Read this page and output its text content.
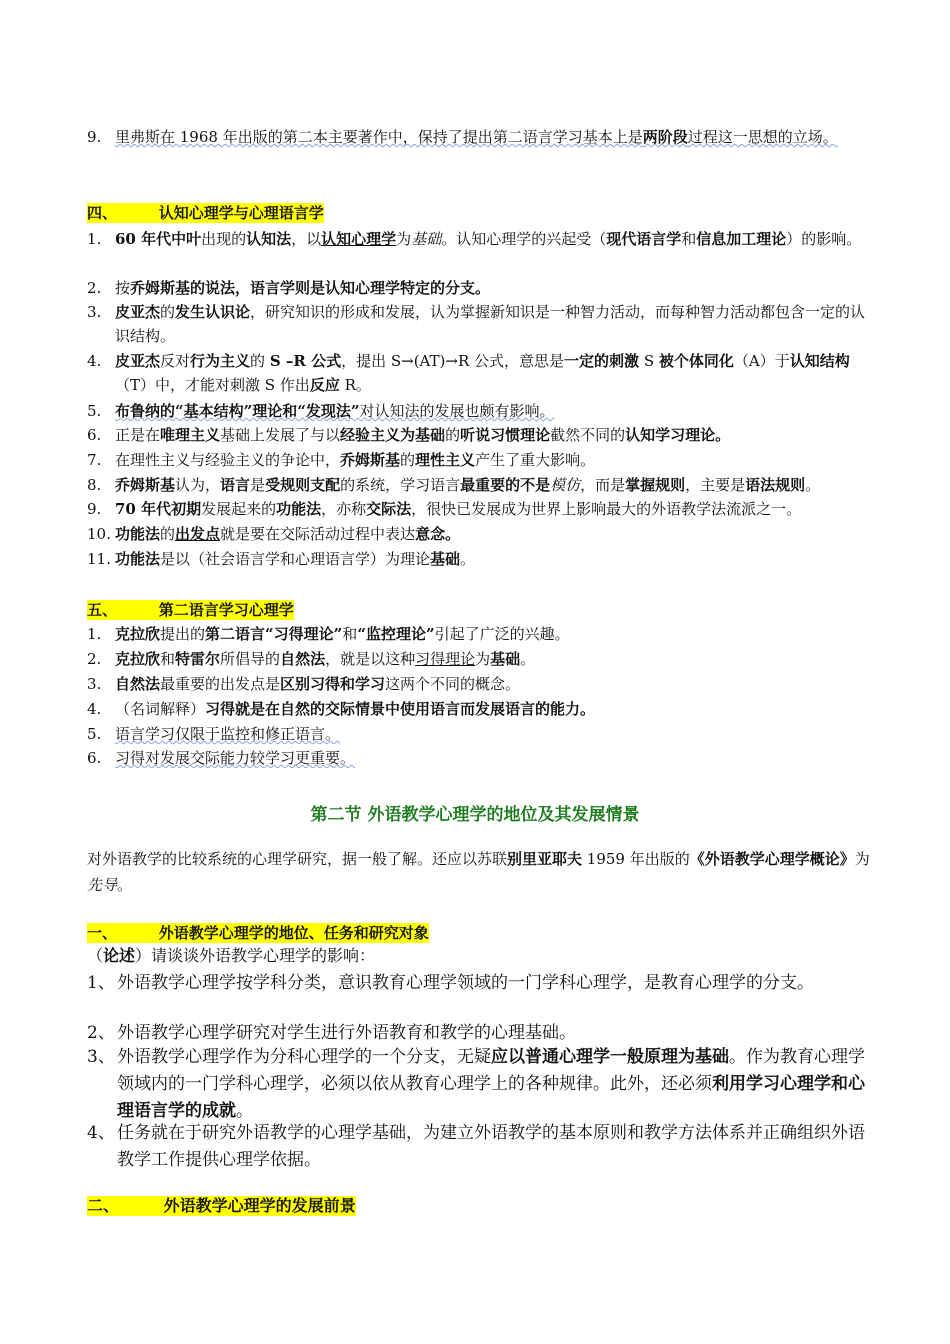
9. 里弗斯在 1968 年出版的第二本主要著作中，保持了提出第二语言学习基本上是两阶段过程这一思想的立场。
四、        认知心理学与心理语言学
1. 60 年代中叶出现的认知法，以认知心理学为基础。认知心理学的兴起受（现代语言学和信息加工理论）的影响。
2. 按乔姆斯基的说法，语言学则是认知心理学特定的分支。
3. 皮亚杰的发生认识论，研究知识的形成和发展，认为掌握新知识是一种智力活动，而每种智力活动都包含一定的认识结构。
4. 皮亚杰反对行为主义的 S –R 公式，提出 S→(AT)→R 公式，意思是一定的刺激 S 被个体同化（A）于认知结构（T）中，才能对刺激 S 作出反应 R。
5. 布鲁纳的“基本结构”理论和“发现法”对认知法的发展也颇有影响。
6. 正是在唯理主义基础上发展了与以经验主义为基础的听说习惯理论截然不同的认知学习理论。
7. 在理性主义与经验主义的争论中，乔姆斯基的理性主义产生了重大影响。
8. 乔姆斯基认为，语言是受规则支配的系统，学习语言最重要的不是模仿，而是掌握规则，主要是语法规则。
9. 70 年代初期发展起来的功能法，亦称交际法，很快已发展成为世界上影响最大的外语教学法流派之一。
10. 功能法的出发点就是要在交际活动过程中表达意念。
11. 功能法是以（社会语言学和心理语言学）为理论基础。
五、        第二语言学习心理学
1. 克拉欣提出的第二语言“习得理论”和“监控理论”引起了广泛的兴趣。
2. 克拉欣和特雷尔所倡导的自然法，就是以这种习得理论为基础。
3. 自然法最重要的出发点是区别习得和学习这两个不同的概念。
4. （名词解释）习得就是在自然的交际情景中使用语言而发展语言的能力。
5. 语言学习仅限于监控和修正语言。
6. 习得对发展交际能力较学习更重要。
第二节 外语教学心理学的地位及其发展情景
对外语教学的比较系统的心理学研究，据一般了解。还应以苏联别里亚耶夫 1959 年出版的《外语教学心理学概论》为先导。
一、        外语教学心理学的地位、任务和研究对象
（论述）请谈谈外语教学心理学的影响：
1、 外语教学心理学按学科分类，意识教育心理学领域的一门学科心理学，是教育心理学的分支。
2、 外语教学心理学研究对学生进行外语教育和教学的心理基础。
3、 外语教学心理学作为分科心理学的一个分支，无疑应以普通心理学一般原理为基础。作为教育心理学领域内的一门学科心理学，必须以依从教育心理学上的各种规律。此外，还必须利用学习心理学和心理语言学的成就。
4、 任务就在于研究外语教学的心理学基础，为建立外语教学的基本原则和教学方法体系并正确组织外语教学工作提供心理学依据。
二、        外语教学心理学的发展前景
